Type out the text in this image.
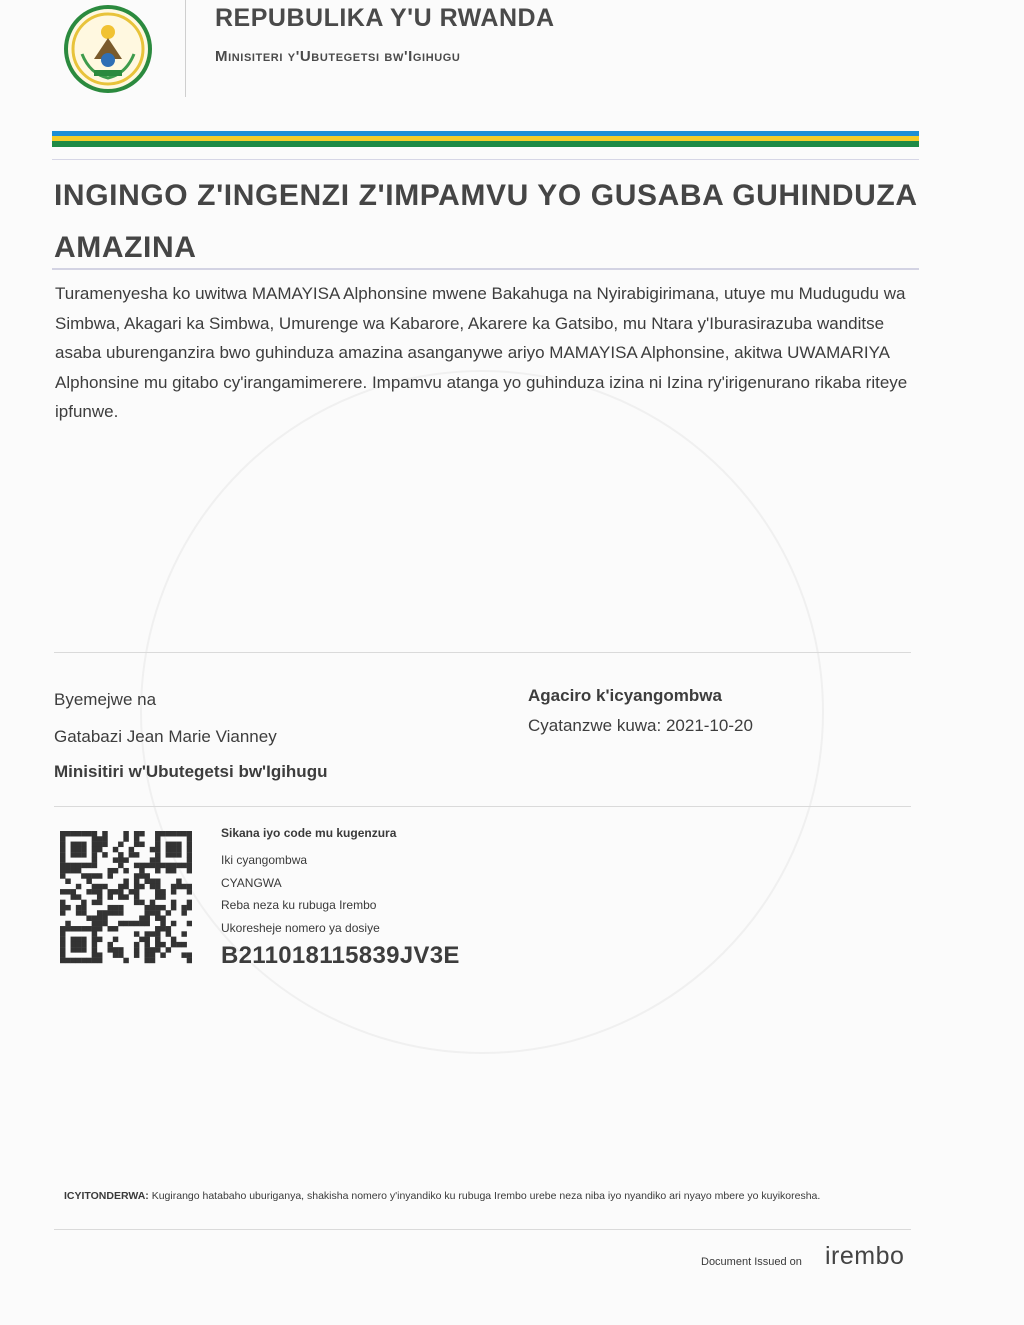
REPUBULIKA Y'U RWANDA
Minisiteri y'Ubutegetsi bw'Igihugu
INGINGO Z'INGENZI Z'IMPAMVU YO GUSABA GUHINDUZA AMAZINA
Turamenyesha ko uwitwa MAMAYISA Alphonsine mwene Bakahuga na Nyirabigirimana, utuye mu Mudugudu wa Simbwa, Akagari ka Simbwa, Umurenge wa Kabarore, Akarere ka Gatsibo, mu Ntara y'Iburasirazuba wanditse asaba uburenganzira bwo guhinduza amazina asanganywe ariyo MAMAYISA Alphonsine, akitwa UWAMARIYA Alphonsine mu gitabo cy'irangamimerere. Impamvu atanga yo guhinduza izina ni Izina ry'irigenurano rikaba riteye ipfunwe.
Byemejwe na
Gatabazi Jean Marie Vianney
Minisitiri w'Ubutegetsi bw'Igihugu
Agaciro k'icyangombwa
Cyatanzwe kuwa: 2021-10-20
Sikana iyo code mu kugenzura
Iki cyangombwa
CYANGWA
Reba neza ku rubuga Irembo
Ukoresheje nomero ya dosiye
B211018115839JV3E
ICYITONDERWA: Kugirango hatabaho uburiganya, shakisha nomero y'inyandiko ku rubuga Irembo urebe neza niba iyo nyandiko ari nyayo mbere yo kuyikoresha.
Document Issued on irembo
